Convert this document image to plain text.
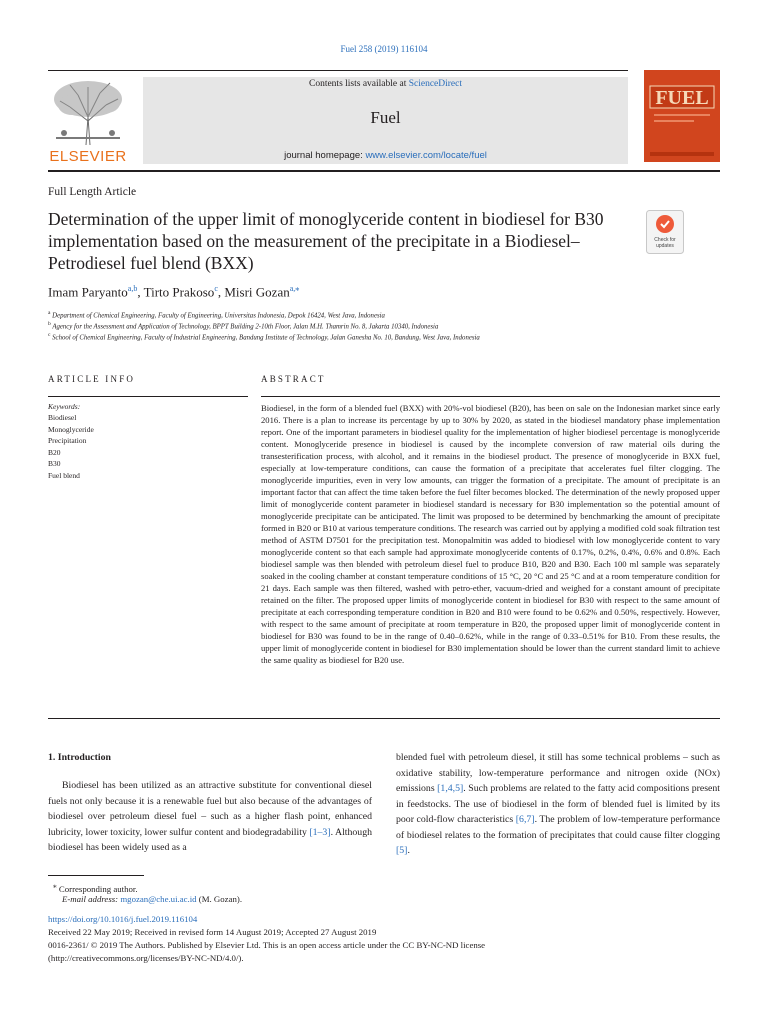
Fuel 258 (2019) 116104
ELSEVIER
Contents lists available at ScienceDirect
Fuel
journal homepage: www.elsevier.com/locate/fuel
FUEL
Full Length Article
Determination of the upper limit of monoglyceride content in biodiesel for B30 implementation based on the measurement of the precipitate in a Biodiesel–Petrodiesel fuel blend (BXX)
Check for
updates
Imam Paryanto$^{a,b}$, Tirto Prakoso$^c$, Misri Gozan$^{a,⁎}$
$^a$ Department of Chemical Engineering, Faculty of Engineering, Universitas Indonesia, Depok 16424, West Java, Indonesia
$^b$ Agency for the Assessment and Application of Technology, BPPT Building 2-10th Floor, Jalan M.H. Thamrin No. 8, Jakarta 10340, Indonesia
$^c$ School of Chemical Engineering, Faculty of Industrial Engineering, Bandung Institute of Technology, Jalan Ganesha No. 10, Bandung, West Java, Indonesia
ARTICLE INFO	ABSTRACT
Keywords:
Biodiesel
Monoglyceride
Precipitation
B20
B30
Fuel blend

Biodiesel, in the form of a blended fuel (BXX) with 20%-vol biodiesel (B20), has been on sale on the Indonesian market since early 2016. There is a plan to increase its percentage by up to 30% by 2020, as stated in the biodiesel mandatory phase implementation report. One of the important parameters in biodiesel quality for the implementation of higher biodiesel percentage is monoglyceride content. Monoglyceride presence in biodiesel is caused by the incomplete conversion of raw material oils during the transesterification process, with alcohol, and it remains in the biodiesel product. The presence of monoglyceride in BXX fuel, especially at low-temperature conditions, can cause the formation of a precipitate that accelerates fuel filter clogging. The monoglyceride impurities, even in very low amounts, can trigger the formation of a precipitate. The amount of precipitate is an important factor that can affect the time taken before the fuel filter becomes blocked. The determination of the newly proposed upper limit of monoglyceride content parameter in biodiesel standard is necessary for B30 implementation so the potential amount of monoglyceride precipitate can be anticipated. The limit was proposed to be determined by benchmarking the amount of precipitate formed in B20 or B10 at various temperature conditions. The research was carried out by applying a modified cold soak filtration test method of ASTM D7501 for the precipitation test. Monopalmitin was added to biodiesel with low monoglyceride content to vary monoglyceride content so that each sample had approximate monoglyceride contents of 0.17%, 0.2%, 0.4%, 0.6% and 0.8%. Each biodiesel sample was then blended with petroleum diesel fuel to produce B10, B20 and B30. Each 100 ml sample was separately soaked in the cooling chamber at constant temperature conditions of 15 °C, 20 °C and 25 °C and at a room temperature condition for 21 days. Each sample was then filtered, washed with petro-ether, vacuum-dried and weighed for a constant amount of precipitate retained on the filter. The proposed upper limits of monoglyceride content in biodiesel for B30 with respect to the same amount of precipitate at each corresponding temperature condition in B20 and B10 were found to be 0.62% and 0.50%, respectively. However, with respect to the same amount of precipitate at room temperature in B20, the proposed upper limit of monoglyceride content in biodiesel for B30 was found to be in the range of 0.40–0.62%, while in the range of 0.33–0.51% for B10. From these results, the upper limit of monoglyceride content in biodiesel for B30 implementation should be lower than the current standard limit to achieve the same quality as biodiesel for B20 use.

1. Introduction

Biodiesel has been utilized as an attractive substitute for conventional diesel fuels not only because it is a renewable fuel but also because of the advantages of biodiesel over petroleum diesel fuel – such as a higher flash point, enhanced lubricity, lower toxicity, lower sulfur content and biodegradability [1–3]. Although biodiesel has been widely used as a

blended fuel with petroleum diesel, it still has some technical problems – such as oxidative stability, low-temperature performance and nitrogen oxide (NOx) emissions [1,4,5]. Such problems are related to the fatty acid compositions present in feedstocks. The use of biodiesel in the form of blended fuel is limited by its poor cold-flow characteristics [6,7]. The problem of low-temperature performance of biodiesel relates to the formation of precipitates that could cause filter clogging [5].

⁎ Corresponding author.
E-mail address: mgozan@che.ui.ac.id (M. Gozan).
https://doi.org/10.1016/j.fuel.2019.116104
Received 22 May 2019; Received in revised form 14 August 2019; Accepted 27 August 2019
0016-2361/ © 2019 The Authors. Published by Elsevier Ltd. This is an open access article under the CC BY-NC-ND license
(http://creativecommons.org/licenses/BY-NC-ND/4.0/).
